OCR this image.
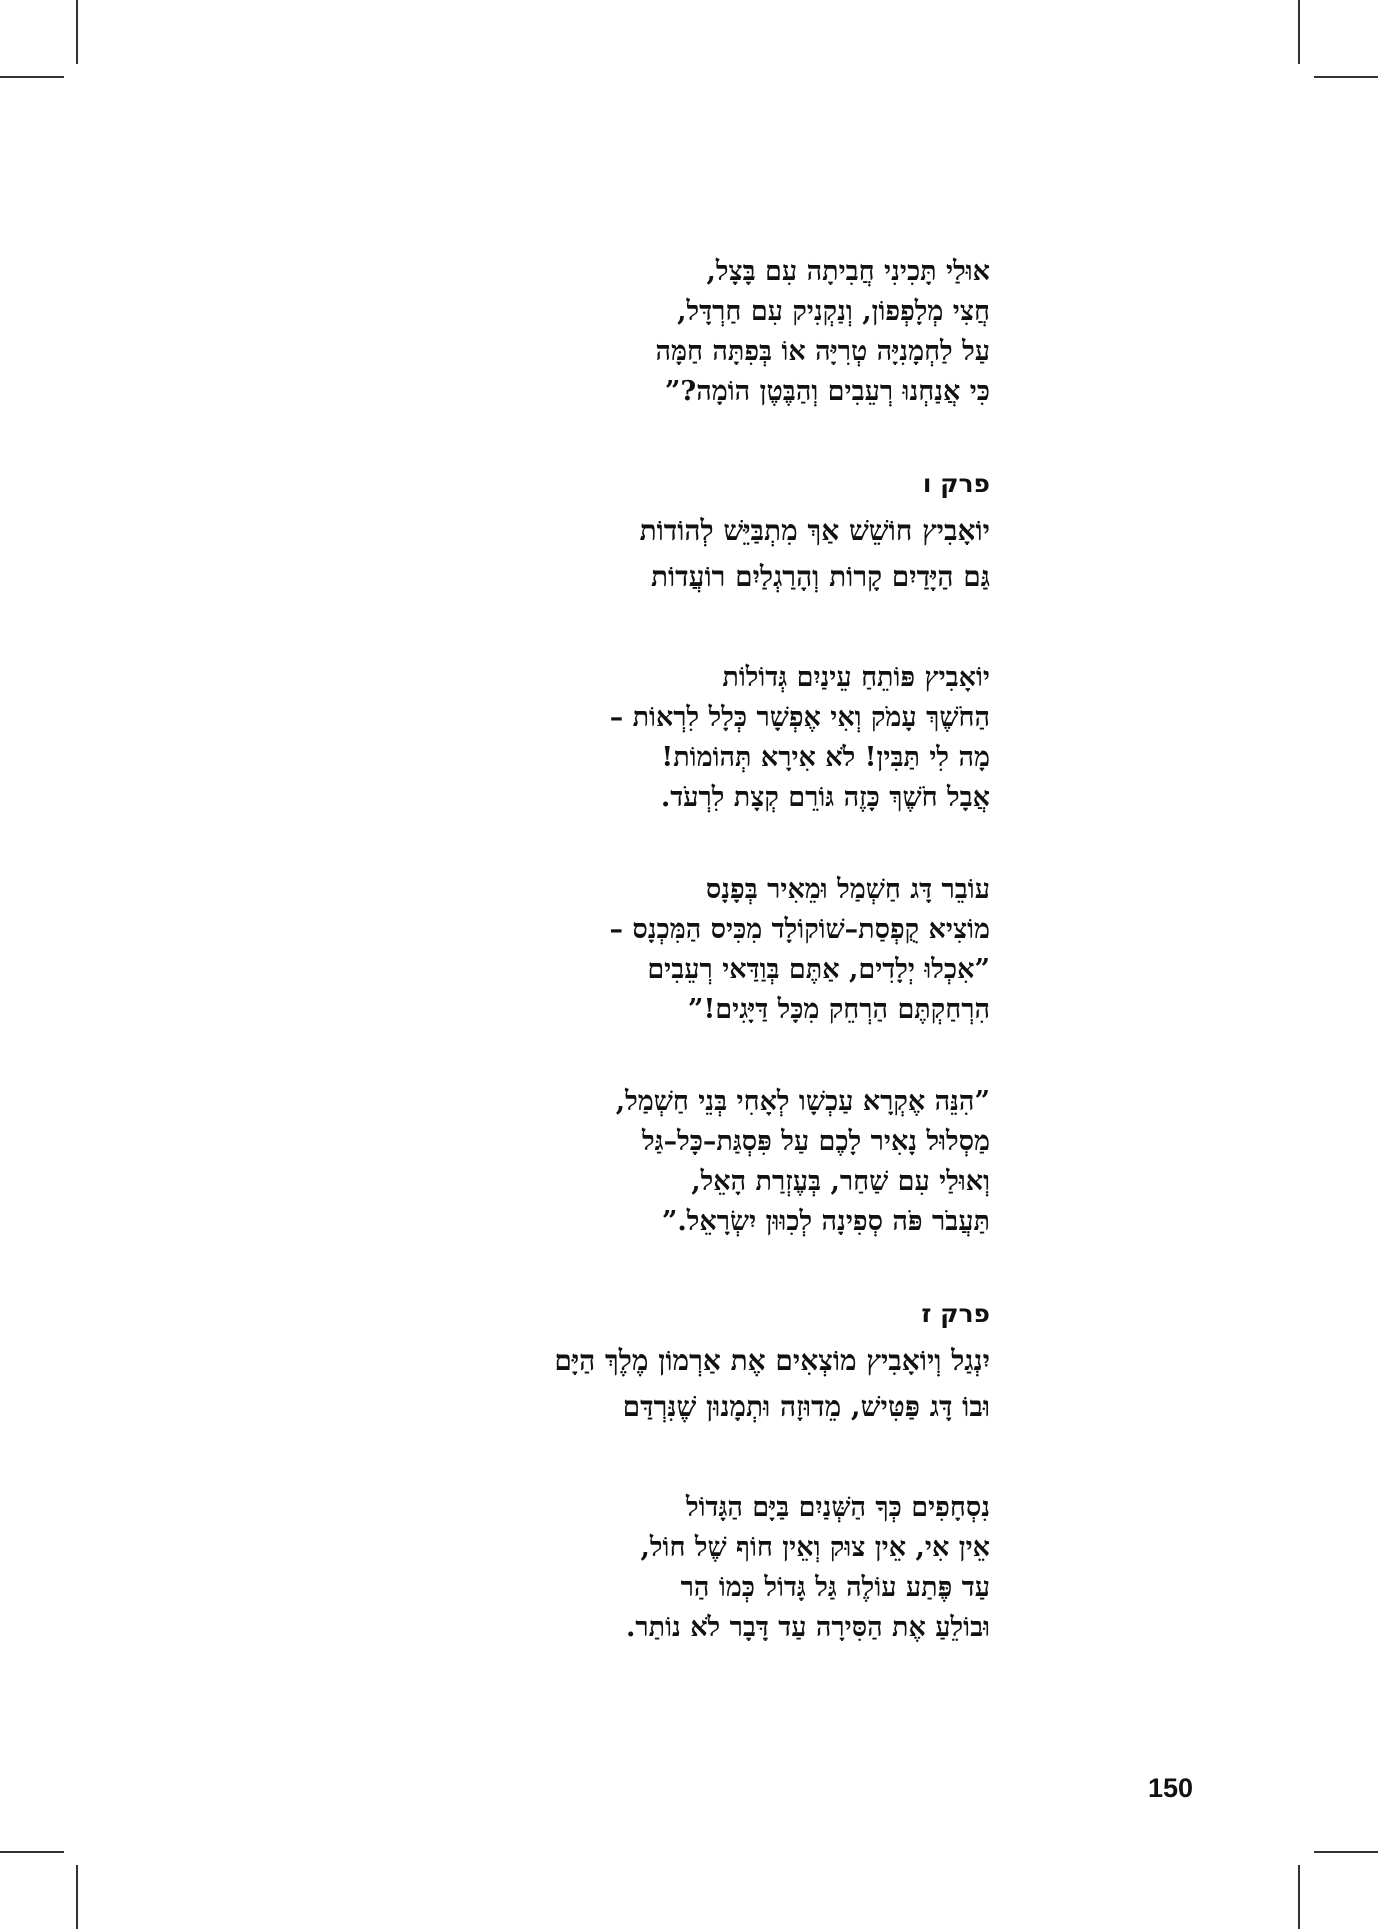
אוּלַי תָּכִינִי חֲבִיתָה עִם בָּצָל,
חֲצִי מְלָפְפוֹן, וְנַקְנִיק עִם חַרְדָּל,
עַל לַחְמָנִיָּה טְרִיָּה אוֹ בְּפִתָּה חַמָּה
כִּי אֲנַחְנוּ רְעֵבִים וְהַבֶּטֶן הוֹמָה?”
פרק ו
יוֹאָבִיץ חוֹשֵׁשׁ אַךְ מִתְבַּיֵּשׁ לְהוֹדוֹת
גַּם הַיָּדַיִם קָרוֹת וְהָרַגְלַיִם רוֹעֲדוֹת
יוֹאָבִיץ פּוֹתֵחַ עֵינַיִם גְּדוֹלוֹת
הַחֹשֶׁךְ עָמֹק וְאִי אֶפְשָׁר כְּלָל לִרְאוֹת –
מָה לִי תַּבִּין! לֹא אִירָא תְּהוֹמוֹת!
אֲבָל חֹשֶׁךְ כָּזֶה גּוֹרֵם קְצָת לִרְעֹד.
עוֹבֵר דָּג חַשְׁמַל וּמֵאִיר בְּפָנָס
מוֹצִיא קֻפְסַת–שׁוֹקוֹלָד מִכִּיס הַמִּכְנָס –
”אִכְלוּ יְלָדִים, אַתֶּם בְּוַדַּאי רְעֵבִים
הִרְחַקְתֶּם הַרְחֵק מִכָּל דַּיָּגִים!”
”הִנֵּה אֶקְרָא עַכְשָׁו לְאָחִי בְּנֵי חַשְׁמַל,
מַסְלוּל נָאִיר לָכֶם עַל פִּסְגַּת–כָּל–גַּל
וְאוּלַי עִם שַׁחַר, בְּעֶזְרַת הָאֵל,
תַּעֲבֹר פֹּה סְפִינָה לְכִוּוּן יִשְׂרָאֵל.”
פרק ז
יִנְגַל וְיוֹאָבִיץ מוֹצְאִים אֶת אַרְמוֹן מֶלֶךְ הַיָּם
וּבוֹ דָּג פַּטִּישׁ, מֵדוּזָה וּתְמָנוּן שֶׁנִּרְדַּם
נִסְחָפִים כְּךָ הַשְּׁנַיִם בַּיָּם הַגָּדוֹל
אֵין אִי, אֵין צוּק וְאֵין חוֹף שֶׁל חוֹל,
עַד פֶּתַע עוֹלֶה גַּל גָּדוֹל כְּמוֹ הַר
וּבוֹלֵעַ אֶת הַסִּירָה עַד דָּבָר לֹא נוֹתַר.
150
